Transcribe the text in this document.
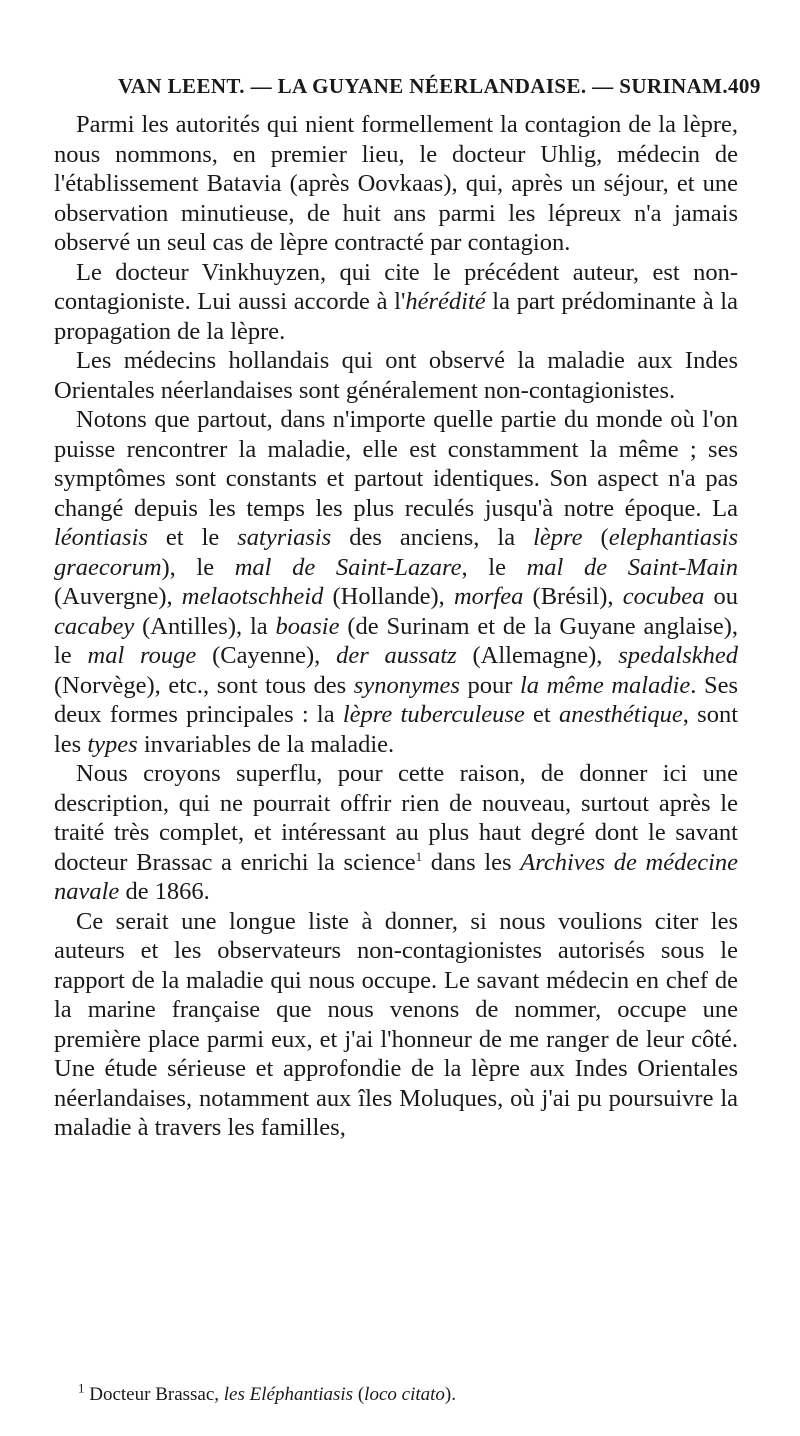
VAN LEENT. — LA GUYANE NÉERLANDAISE. — SURINAM. 409

Parmi les autorités qui nient formellement la contagion de la lèpre, nous nommons, en premier lieu, le docteur Uhlig, médecin de l'établissement Batavia (après Oovkaas), qui, après un séjour, et une observation minutieuse, de huit ans parmi les lépreux n'a jamais observé un seul cas de lèpre contracté par contagion.

Le docteur Vinkhuyzen, qui cite le précédent auteur, est non-contagioniste. Lui aussi accorde à l'hérédité la part prédominante à la propagation de la lèpre.

Les médecins hollandais qui ont observé la maladie aux Indes Orientales néerlandaises sont généralement non-contagionistes.

Notons que partout, dans n'importe quelle partie du monde où l'on puisse rencontrer la maladie, elle est constamment la même ; ses symptômes sont constants et partout identiques. Son aspect n'a pas changé depuis les temps les plus reculés jusqu'à notre époque. La léontiasis et le satyriasis des anciens, la lèpre (elephantiasis graecorum), le mal de Saint-Lazare, le mal de Saint-Main (Auvergne), melaotschheid (Hollande), morfea (Brésil), cocubea ou cacabey (Antilles), la boasie (de Surinam et de la Guyane anglaise), le mal rouge (Cayenne), der aussatz (Allemagne), spedalskhed (Norvège), etc., sont tous des synonymes pour la même maladie. Ses deux formes principales : la lèpre tuberculeuse et anesthétique, sont les types invariables de la maladie.

Nous croyons superflu, pour cette raison, de donner ici une description, qui ne pourrait offrir rien de nouveau, surtout après le traité très complet, et intéressant au plus haut degré dont le savant docteur Brassac a enrichi la science$^1$ dans les Archives de médecine navale de 1866.

Ce serait une longue liste à donner, si nous voulions citer les auteurs et les observateurs non-contagionistes autorisés sous le rapport de la maladie qui nous occupe. Le savant médecin en chef de la marine française que nous venons de nommer, occupe une première place parmi eux, et j'ai l'honneur de me ranger de leur côté. Une étude sérieuse et approfondie de la lèpre aux Indes Orientales néerlandaises, notamment aux îles Moluques, où j'ai pu poursuivre la maladie à travers les familles,

$^1$ Docteur Brassac, les Eléphantiasis (loco citato).
